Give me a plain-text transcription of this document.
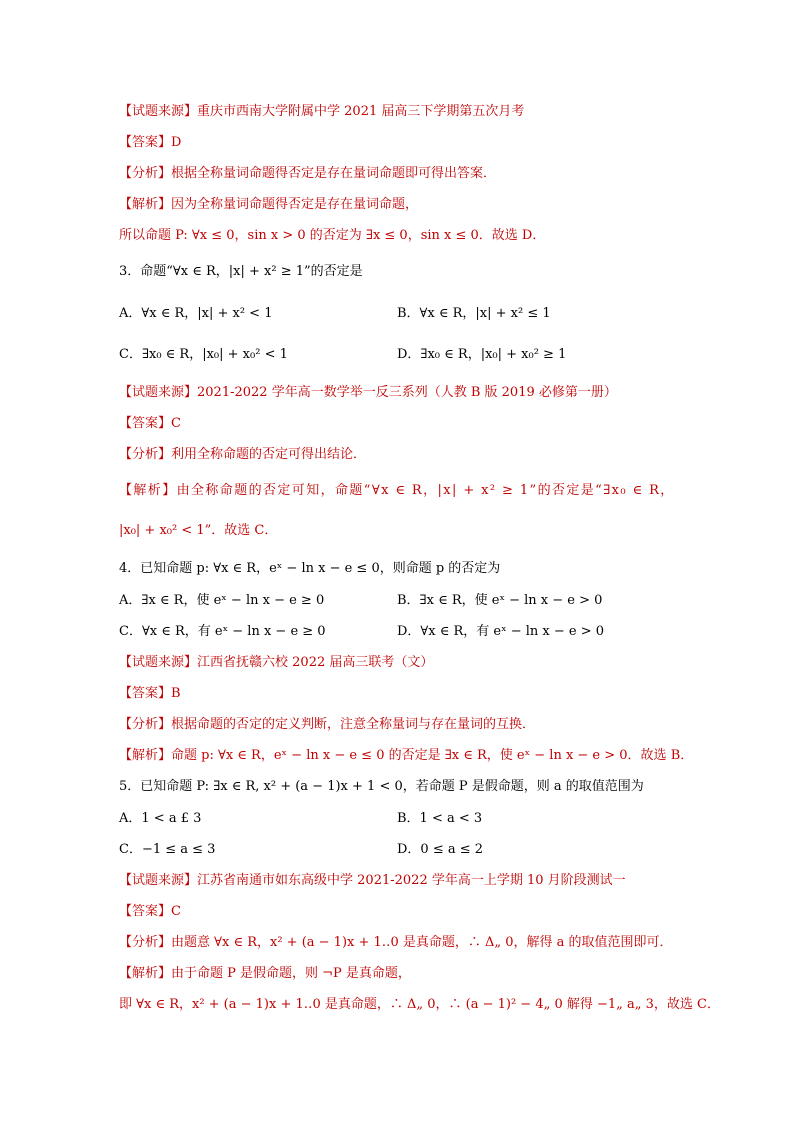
【试题来源】重庆市西南大学附属中学 2021 届高三下学期第五次月考
【答案】D
【分析】根据全称量词命题得否定是存在量词命题即可得出答案．
【解析】因为全称量词命题得否定是存在量词命题，
所以命题 P: ∀x ≤ 0，sin x > 0 的否定为 ∃x ≤ 0，sin x ≤ 0．故选 D．
3．命题“∀x ∈ R，|x| + x² ≥ 1”的否定是
A．∀x ∈ R，|x| + x² < 1	B．∀x ∈ R，|x| + x² ≤ 1
C．∃x₀ ∈ R，|x₀| + x₀² < 1	D．∃x₀ ∈ R，|x₀| + x₀² ≥ 1
【试题来源】2021-2022 学年高一数学举一反三系列（人教 B 版 2019 必修第一册）
【答案】C
【分析】利用全称命题的否定可得出结论．
【解析】由全称命题的否定可知，命题“∀x ∈ R，|x| + x² ≥ 1”的否定是“∃x₀ ∈ R，
|x₀| + x₀² < 1”．故选 C．
4．已知命题 p: ∀x ∈ R，eˣ − ln x − e ≤ 0，则命题 p 的否定为
A．∃x ∈ R，使 eˣ − ln x − e ≥ 0	B．∃x ∈ R，使 eˣ − ln x − e > 0
C．∀x ∈ R，有 eˣ − ln x − e ≥ 0	D．∀x ∈ R，有 eˣ − ln x − e > 0
【试题来源】江西省抚赣六校 2022 届高三联考（文）
【答案】B
【分析】根据命题的否定的定义判断，注意全称量词与存在量词的互换．
【解析】命题 p: ∀x ∈ R，eˣ − ln x − e ≤ 0 的否定是 ∃x ∈ R，使 eˣ − ln x − e > 0．故选 B．
5．已知命题 P: ∃x ∈ R, x² + (a − 1)x + 1 < 0，若命题 P 是假命题，则 a 的取值范围为
A．1 < a £ 3	B．1 < a < 3
C．−1 ≤ a ≤ 3	D．0 ≤ a ≤ 2
【试题来源】江苏省南通市如东高级中学 2021-2022 学年高一上学期 10 月阶段测试一
【答案】C
【分析】由题意 ∀x ∈ R，x² + (a − 1)x + 1‥0 是真命题，∴ Δ„ 0，解得 a 的取值范围即可．
【解析】由于命题 P 是假命题，则 ¬P 是真命题，
即 ∀x ∈ R，x² + (a − 1)x + 1‥0 是真命题，∴ Δ„ 0，∴ (a − 1)² − 4„ 0 解得 −1„ a„ 3，故选 C．
